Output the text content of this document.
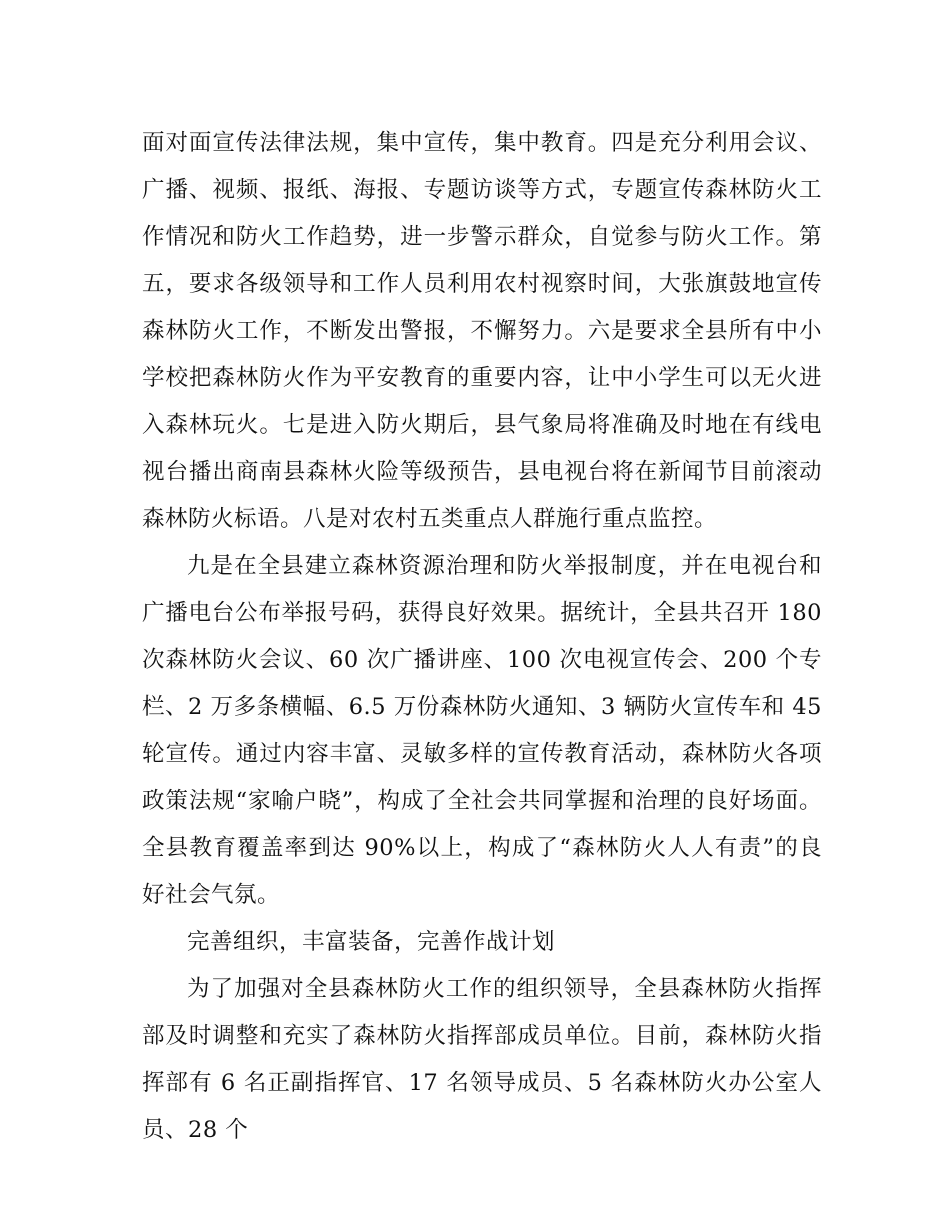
面对面宣传法律法规，集中宣传，集中教育。四是充分利用会议、广播、视频、报纸、海报、专题访谈等方式，专题宣传森林防火工作情况和防火工作趋势，进一步警示群众，自觉参与防火工作。第五，要求各级领导和工作人员利用农村视察时间，大张旗鼓地宣传森林防火工作，不断发出警报，不懈努力。六是要求全县所有中小学校把森林防火作为平安教育的重要内容，让中小学生可以无火进入森林玩火。七是进入防火期后，县气象局将准确及时地在有线电视台播出商南县森林火险等级预告，县电视台将在新闻节目前滚动森林防火标语。八是对农村五类重点人群施行重点监控。

九是在全县建立森林资源治理和防火举报制度，并在电视台和广播电台公布举报号码，获得良好效果。据统计，全县共召开 180 次森林防火会议、60 次广播讲座、100 次电视宣传会、200 个专栏、2 万多条横幅、6.5 万份森林防火通知、3 辆防火宣传车和 45 轮宣传。通过内容丰富、灵敏多样的宣传教育活动，森林防火各项政策法规“家喻户晓”，构成了全社会共同掌握和治理的良好场面。全县教育覆盖率到达 90%以上，构成了“森林防火人人有责”的良好社会气氛。

完善组织，丰富装备，完善作战计划

为了加强对全县森林防火工作的组织领导，全县森林防火指挥部及时调整和充实了森林防火指挥部成员单位。目前，森林防火指挥部有 6 名正副指挥官、17 名领导成员、5 名森林防火办公室人员、28 个
